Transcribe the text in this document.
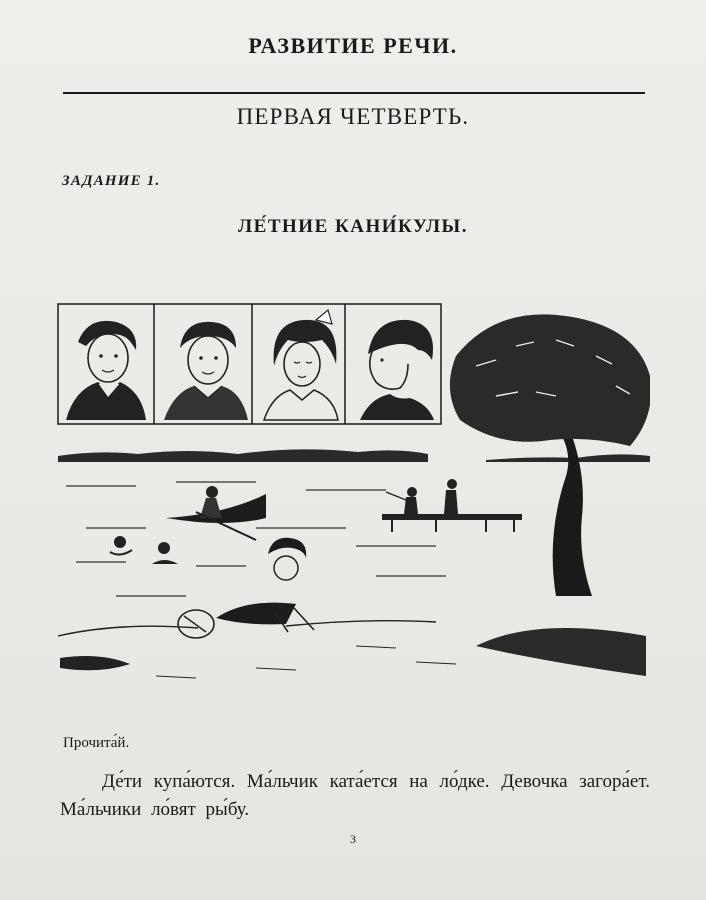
РАЗВИТИЕ РЕЧИ.
ПЕРВАЯ ЧЕТВЕРТЬ.
ЗАДАНИЕ 1.
ЛЕ́ТНИЕ КАНИ́КУЛЫ.
Прочита́й.
Де́ти купа́ются. Ма́льчик ката́ется на ло́дке. Девочка загора́ет. Ма́льчики ло́вят ры́бу.
3
